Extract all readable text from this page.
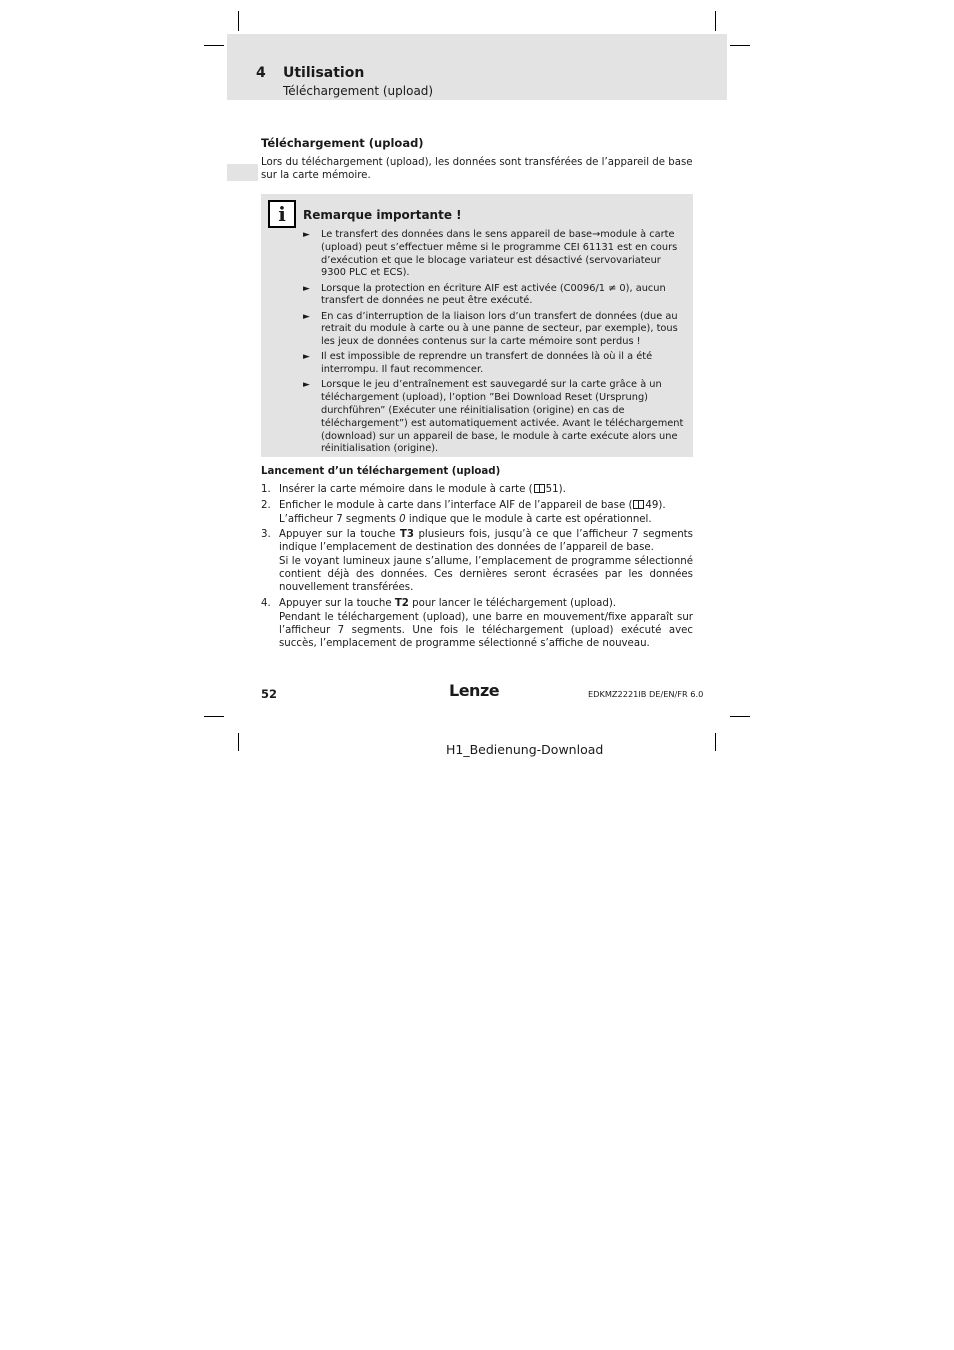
4 Utilisation
Téléchargement (upload)
Téléchargement (upload)
Lors du téléchargement (upload), les données sont transférées de l’appareil de base sur la carte mémoire.
i	Remarque importante !
► Le transfert des données dans le sens appareil de base→module à carte (upload) peut s’effectuer même si le programme CEI 61131 est en cours d’exécution et que le blocage variateur est désactivé (servovariateur 9300 PLC et ECS).
► Lorsque la protection en écriture AIF est activée (C0096/1 ≠ 0), aucun transfert de données ne peut être exécuté.
► En cas d’interruption de la liaison lors d’un transfert de données (due au retrait du module à carte ou à une panne de secteur, par exemple), tous les jeux de données contenus sur la carte mémoire sont perdus !
► Il est impossible de reprendre un transfert de données là où il a été interrompu. Il faut recommencer.
► Lorsque le jeu d’entraînement est sauvegardé sur la carte grâce à un téléchargement (upload), l’option ”Bei Download Reset (Ursprung) durchführen” (Exécuter une réinitialisation (origine) en cas de téléchargement”) est automatiquement activée. Avant le téléchargement (download) sur un appareil de base, le module à carte exécute alors une réinitialisation (origine).
Lancement d’un téléchargement (upload)
1. Insérer la carte mémoire dans le module à carte ( 51).

2. Enficher le module à carte dans l’interface AIF de l’appareil de base ( 49).

L’afficheur 7 segments 0 indique que le module à carte est opérationnel.

3. Appuyer sur la touche T3 plusieurs fois, jusqu’à ce que l’afficheur 7 segments indique l’emplacement de destination des données de l’appareil de base.

Si le voyant lumineux jaune s’allume, l’emplacement de programme sélectionné contient déjà des données. Ces dernières seront écrasées par les données nouvellement transférées.

4. Appuyer sur la touche T2 pour lancer le téléchargement (upload).

Pendant le téléchargement (upload), une barre en mouvement/fixe apparaît sur l’afficheur 7 segments. Une fois le téléchargement (upload) exécuté avec succès, l’emplacement de programme sélectionné s’affiche de nouveau.

52	Lenze	EDKMZ2221IB DE/EN/FR 6.0
H1_Bedienung-Download
